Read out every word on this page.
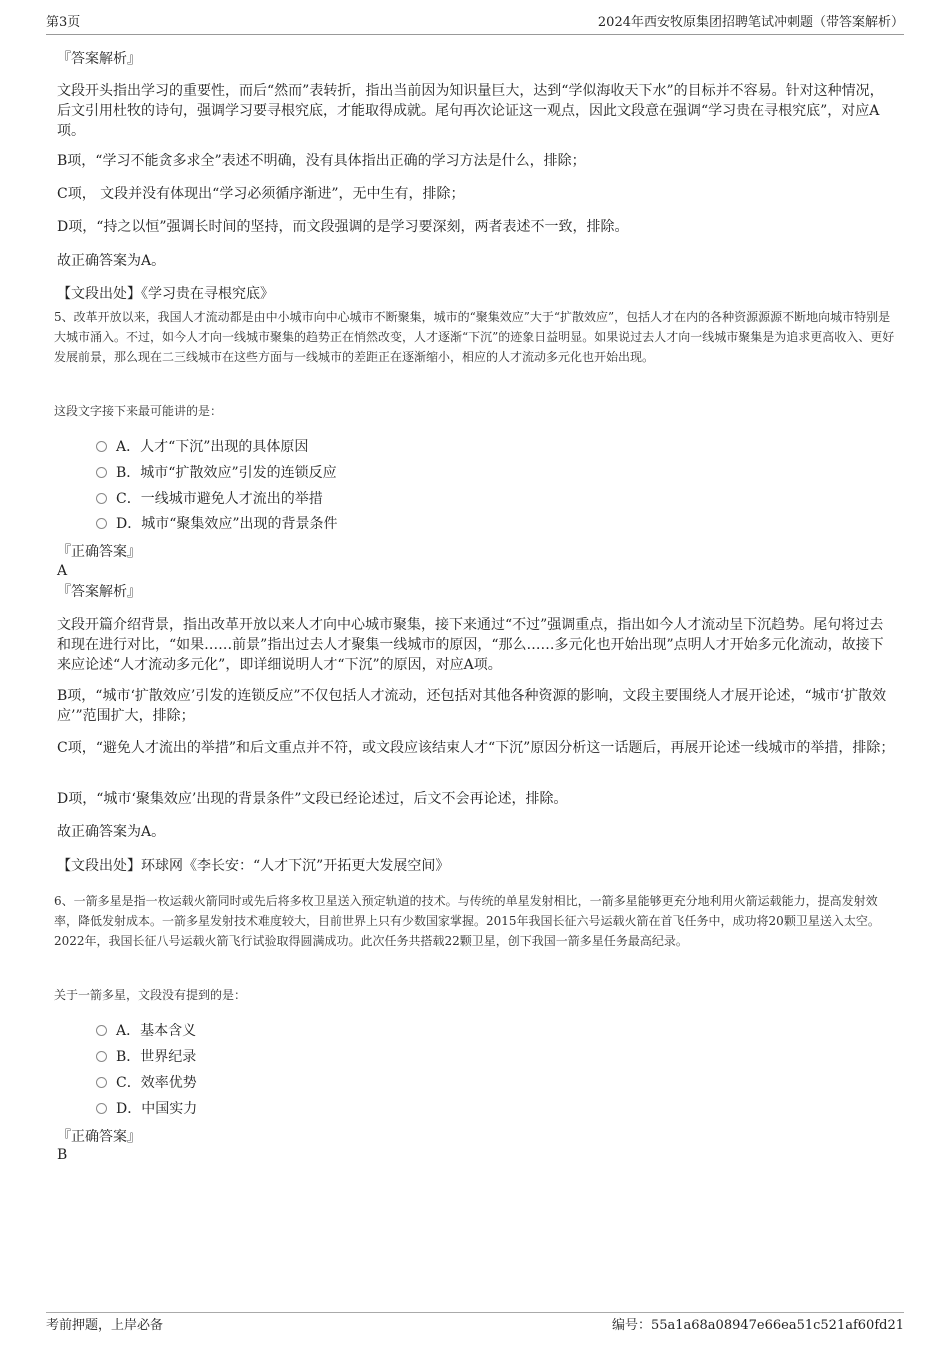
第3页	2024年西安牧原集团招聘笔试冲刺题（带答案解析）
『答案解析』
文段开头指出学习的重要性，而后“然而”表转折，指出当前因为知识量巨大，达到“学似海收天下水”的目标并不容易。针对这种情况，后文引用杜牧的诗句，强调学习要寻根究底，才能取得成就。尾句再次论证这一观点，因此文段意在强调“学习贵在寻根究底”，对应A项。
B项，“学习不能贪多求全”表述不明确，没有具体指出正确的学习方法是什么，排除；
C项， 文段并没有体现出“学习必须循序渐进”，无中生有，排除；
D项，“持之以恒”强调长时间的坚持，而文段强调的是学习要深刻，两者表述不一致，排除。
故正确答案为A。
【文段出处】《学习贵在寻根究底》
5、改革开放以来，我国人才流动都是由中小城市向中心城市不断聚集，城市的“聚集效应”大于“扩散效应”，包括人才在内的各种资源源源不断地向城市特别是大城市涌入。不过，如今人才向一线城市聚集的趋势正在悄然改变，人才逐渐“下沉”的迹象日益明显。如果说过去人才向一线城市聚集是为追求更高收入、更好发展前景，那么现在二三线城市在这些方面与一线城市的差距正在逐渐缩小，相应的人才流动多元化也开始出现。
这段文字接下来最可能讲的是：
A．人才“下沉”出现的具体原因
B．城市“扩散效应”引发的连锁反应
C．一线城市避免人才流出的举措
D．城市“聚集效应”出现的背景条件
『正确答案』
A
『答案解析』
文段开篇介绍背景，指出改革开放以来人才向中心城市聚集，接下来通过“不过”强调重点，指出如今人才流动呈下沉趋势。尾句将过去和现在进行对比，“如果……前景”指出过去人才聚集一线城市的原因，“那么……多元化也开始出现”点明人才开始多元化流动，故接下来应论述“人才流动多元化”，即详细说明人才“下沉”的原因，对应A项。
B项，“城市‘扩散效应’引发的连锁反应”不仅包括人才流动，还包括对其他各种资源的影响，文段主要围绕人才展开论述，“城市‘扩散效应’”范围扩大，排除；
C项，“避免人才流出的举措”和后文重点并不符，或文段应该结束人才“下沉”原因分析这一话题后，再展开论述一线城市的举措，排除；
D项，“城市‘聚集效应’出现的背景条件”文段已经论述过，后文不会再论述，排除。
故正确答案为A。
【文段出处】环球网《李长安：“人才下沉”开拓更大发展空间》
6、一箭多星是指一枚运载火箭同时或先后将多枚卫星送入预定轨道的技术。与传统的单星发射相比，一箭多星能够更充分地利用火箭运载能力，提高发射效率，降低发射成本。一箭多星发射技术难度较大，目前世界上只有少数国家掌握。2015年我国长征六号运载火箭在首飞任务中，成功将20颗卫星送入太空。2022年，我国长征八号运载火箭飞行试验取得圆满成功。此次任务共搭载22颗卫星，创下我国一箭多星任务最高纪录。
关于一箭多星，文段没有提到的是：
A．基本含义
B．世界纪录
C．效率优势
D．中国实力
『正确答案』
B
考前押题，上岸必备	编号：55a1a68a08947e66ea51c521af60fd21
